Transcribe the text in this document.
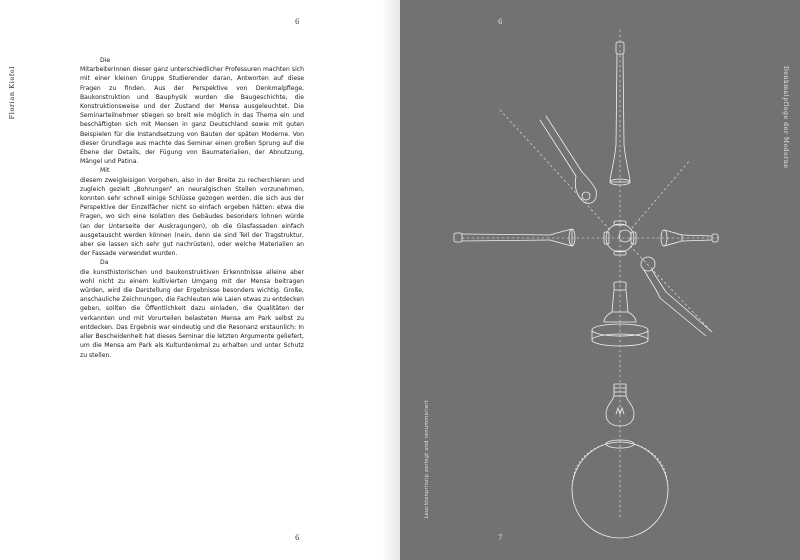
6
Florian Kiefel

Die
MitarbeiterInnen dieser ganz unterschiedlicher Professuren machten sich mit einer kleinen Gruppe Studierender daran, Antworten auf diese Fragen zu finden. Aus der Perspektive von Denkmalpflege, Baukonstruktion und Bauphysik wurden die Baugeschichte, die Konstruktionsweise und der Zustand der Mensa ausgeleuchtet. Die Seminarteilnehmer stiegen so breit wie möglich in das Thema ein und beschäftigten sich mit Mensen in ganz Deutschland sowie mit guten Beispielen für die Instandsetzung von Bauten der späten Moderne. Von dieser Grundlage aus machte das Seminar einen großen Sprung auf die Ebene der Details, der Fügung von Baumaterialien, der Abnutzung, Mängel und Patina.

Mit
diesem zweigleisigen Vorgehen, also in der Breite zu recherchieren und zugleich gezielt „Bohrungen“ an neuralgischen Stellen vorzunehmen, konnten sehr schnell einige Schlüsse gezogen werden, die sich aus der Perspektive der Einzelfächer nicht so einfach ergeben hätten: etwa die Fragen, wo sich eine Isolation des Gebäudes besonders lohnen würde (an der Unterseite der Auskragungen), ob die Glasfassaden einfach ausgetauscht werden können (nein, denn sie sind Teil der Tragstruktur, aber sie lassen sich sehr gut nachrüsten), oder welche Materialien an der Fassade verwendet wurden.

Da
die kunsthistorischen und baukonstruktiven Erkenntnisse alleine aber wohl nicht zu einem kultivierten Umgang mit der Mensa beitragen würden, wird die Darstellung der Ergebnisse besonders wichtig. Große, anschauliche Zeichnungen, die Fachleuten wie Laien etwas zu entdecken geben, sollten die Öffentlichkeit dazu einladen, die Qualitäten der verkannten und mit Vorurteilen belasteten Mensa am Park selbst zu entdecken. Das Ergebnis war eindeutig und die Resonanz erstaunlich: In aller Bescheidenheit hat dieses Seminar die letzten Argumente geliefert, um die Mensa am Park als Kulturdenkmal zu erhalten und unter Schutz zu stellen.

6
6
7
Denkmalpflege der Moderne
Leuchtenprinzip zerlegt und renummeriert
